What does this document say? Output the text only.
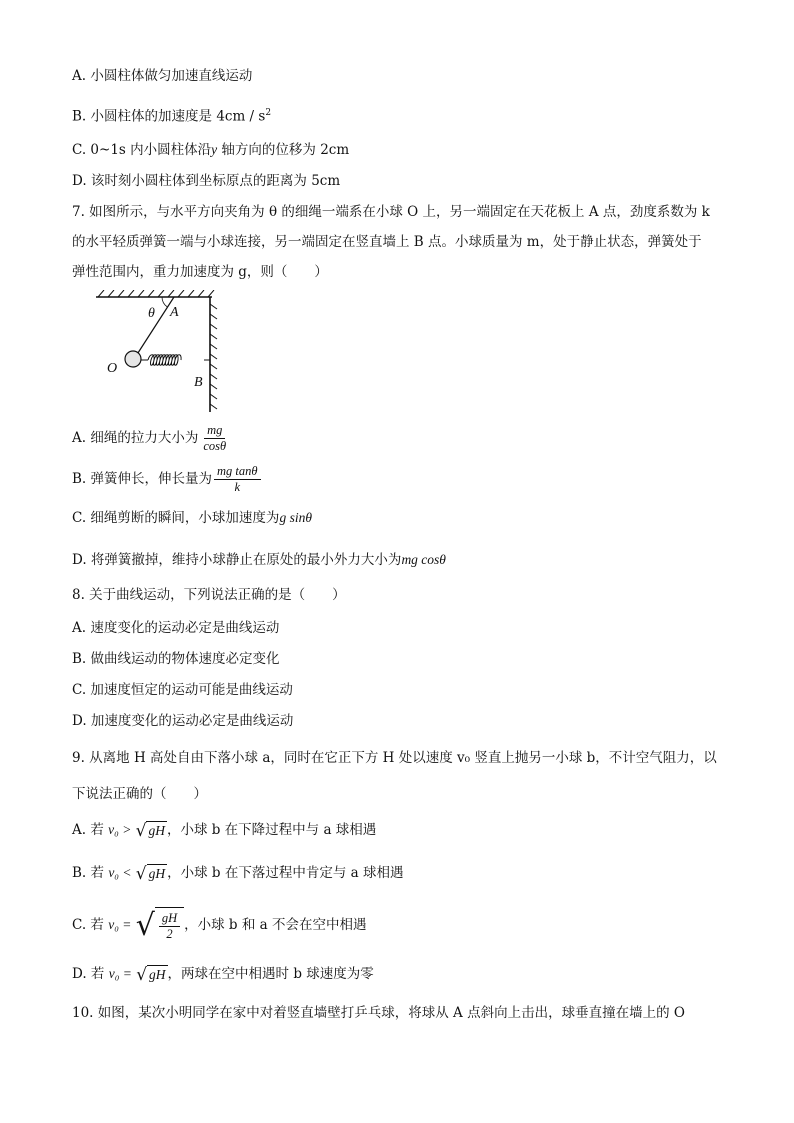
A. 小圆柱体做匀加速直线运动
B. 小圆柱体的加速度是 $4cm / s^2$
C. 0~1s 内小圆柱体沿y 轴方向的位移为 2cm
D. 该时刻小圆柱体到坐标原点的距离为 5cm
7. 如图所示，与水平方向夹角为 θ 的细绳一端系在小球 O 上，另一端固定在天花板上 A 点，劲度系数为 k
的水平轻质弹簧一端与小球连接，另一端固定在竖直墙上 B 点。小球质量为 m，处于静止状态，弹簧处于
弹性范围内，重力加速度为 g，则（　　）
θ A
O
B
A. 细绳的拉力大小为 $\frac{mg}{\cos\theta}$
B. 弹簧伸长，伸长量为 $\frac{\text{mg tanθ}}{k}$
C. 细绳剪断的瞬间，小球加速度为g sinθ
D. 将弹簧撤掉，维持小球静止在原处的最小外力大小为mg cosθ
8. 关于曲线运动，下列说法正确的是（　　）
A. 速度变化的运动必定是曲线运动
B. 做曲线运动的物体速度必定变化
C. 加速度恒定的运动可能是曲线运动
D. 加速度变化的运动必定是曲线运动
9. 从离地 H 高处自由下落小球 a，同时在它正下方 H 处以速度 v₀ 竖直上抛另一小球 b，不计空气阻力，以
下说法正确的（　　）
A. 若 v₀ > √ gH ，小球 b 在下降过程中与 a 球相遇
B. 若 v₀ < √ gH ，小球 b 在下落过程中肯定与 a 球相遇
C. 若 v₀ = √ $\frac{gH}{2}$ ，小球 b 和 a 不会在空中相遇
D. 若 v₀ = √ gH ，两球在空中相遇时 b 球速度为零
10. 如图，某次小明同学在家中对着竖直墙壁打乒乓球，将球从 A 点斜向上击出，球垂直撞在墙上的 O
